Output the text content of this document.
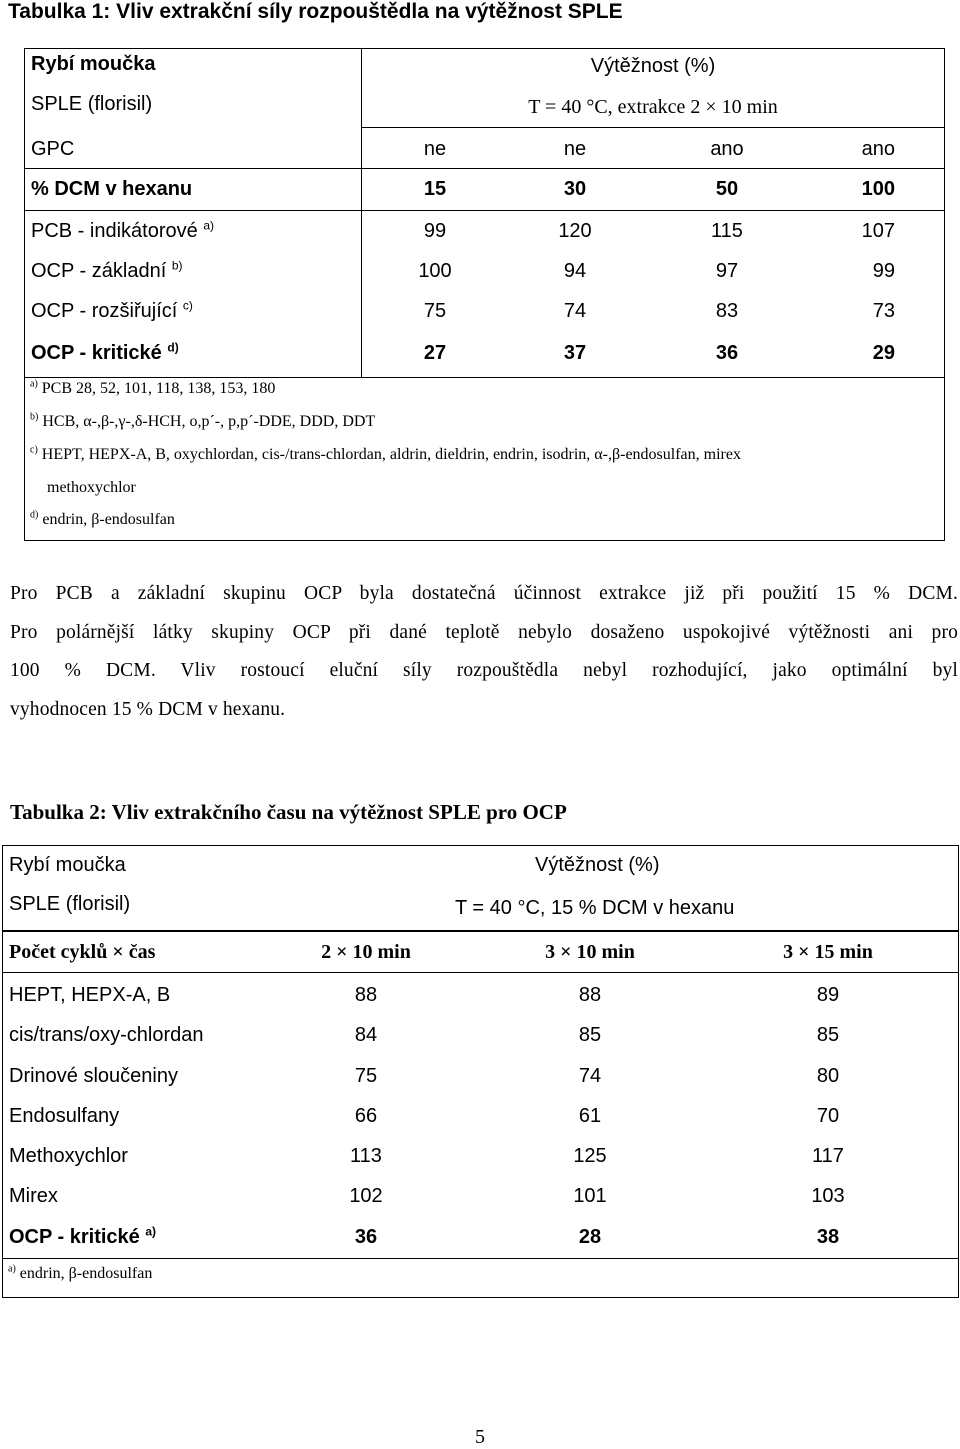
Tabulka 1: Vliv extrakční síly rozpouštědla na výtěžnost SPLE
Rybí moučka	Výtěžnost (%)
SPLE (florisil)	T = 40 °C, extrakce 2 × 10 min
GPC	ne	ne	ano	ano
% DCM v hexanu	15	30	50	100
PCB - indikátorové $^{a)}$	99	120	115	107
OCP - základní $^{b)}$	100	94	97	99
OCP - rozšiřující $^{c)}$	75	74	83	73
OCP - kritické $^{d)}$	27	37	36	29
$^{a)}$ PCB 28, 52, 101, 118, 138, 153, 180
$^{b)}$ HCB, α-,β-,γ-,δ-HCH, o,p´-, p,p´-DDE, DDD, DDT
$^{c)}$ HEPT, HEPX-A, B, oxychlordan, cis-/trans-chlordan, aldrin, dieldrin, endrin, isodrin, α-,β-endosulfan, mirex
methoxychlor
$^{d)}$ endrin, β-endosulfan
Pro PCB a základní skupinu OCP byla dostatečná účinnost extrakce již při použití 15 % DCM.
Pro polárnější látky skupiny OCP při dané teplotě nebylo dosaženo uspokojivé výtěžnosti ani pro
100 % DCM. Vliv rostoucí eluční síly rozpouštědla nebyl rozhodující, jako optimální byl
vyhodnocen 15 % DCM v hexanu.
Tabulka 2: Vliv extrakčního času na výtěžnost SPLE pro OCP
Rybí moučka	Výtěžnost (%)
SPLE (florisil)	T = 40 °C, 15 % DCM v hexanu
Počet cyklů × čas	2 × 10 min	3 × 10 min	3 × 15 min
HEPT, HEPX-A, B	88	88	89
cis/trans/oxy-chlordan	84	85	85
Drinové sloučeniny	75	74	80
Endosulfany	66	61	70
Methoxychlor	113	125	117
Mirex	102	101	103
OCP - kritické $^{a)}$	36	28	38
$^{a)}$ endrin, β-endosulfan
5
